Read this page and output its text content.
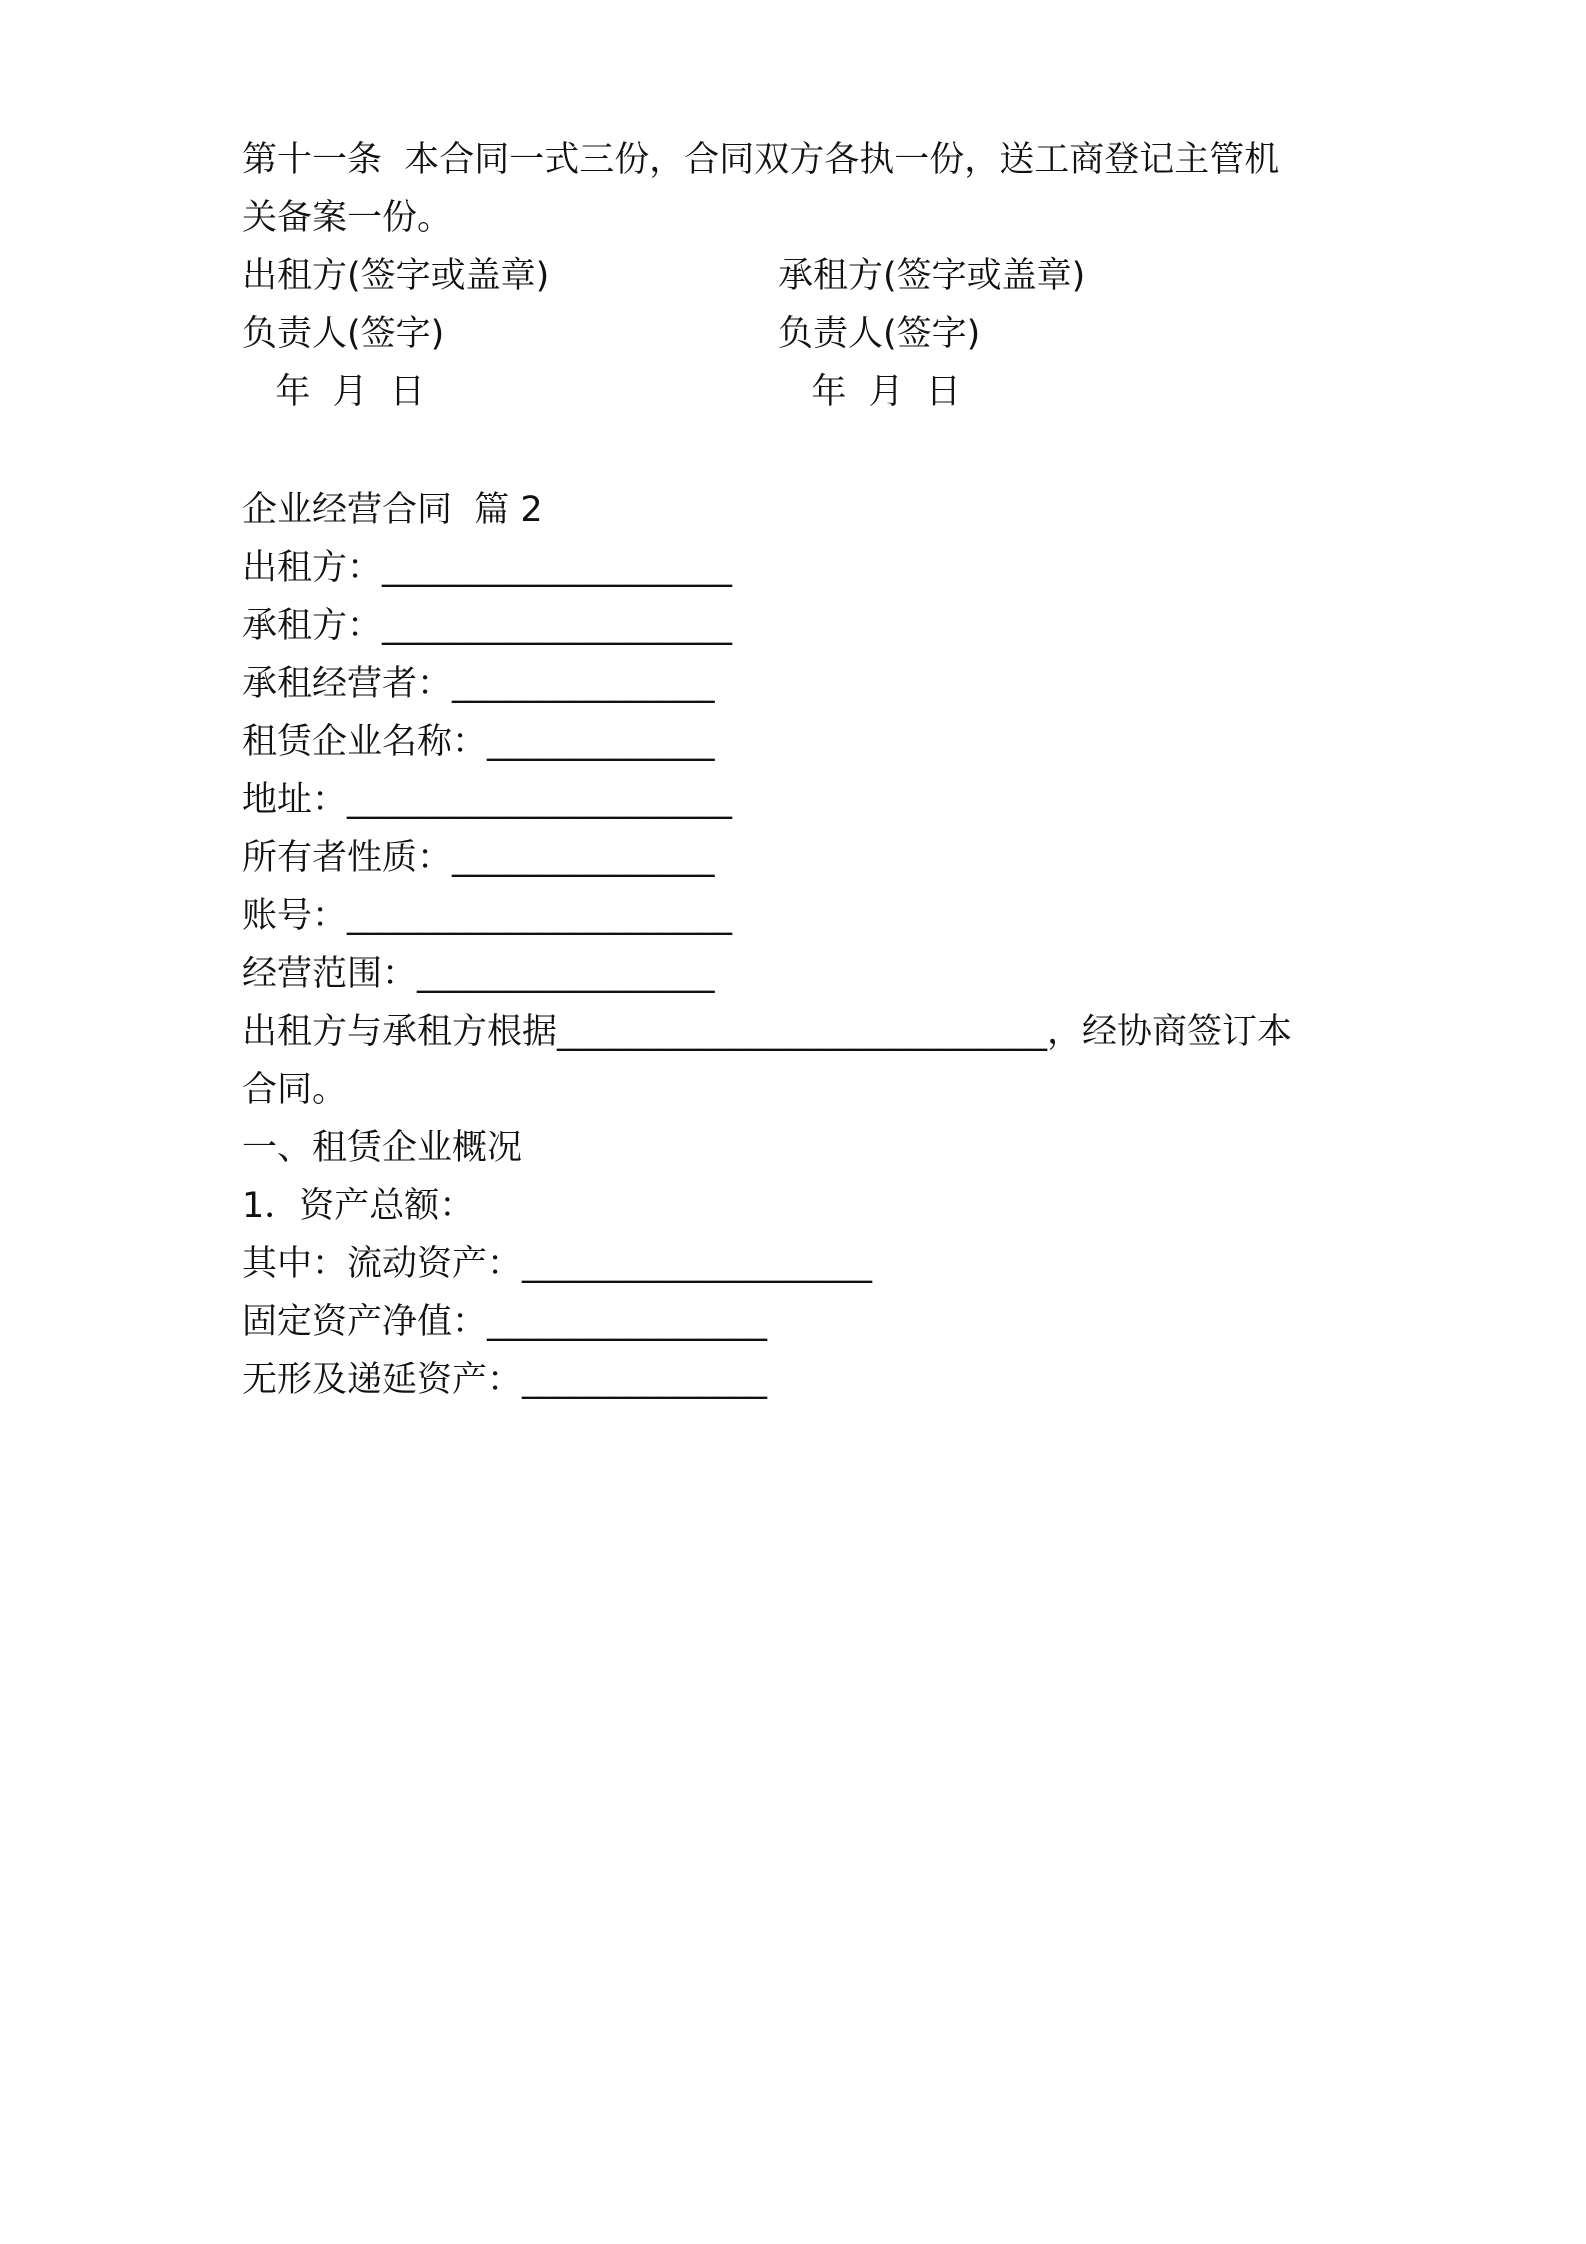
第十一条  本合同一式三份，合同双方各执一份，送工商登记主管机
关备案一份。
出租方(签字或盖章)	承租方(签字或盖章)
负责人(签字)	负责人(签字)
年  月  日	年  月  日
企业经营合同  篇 2
出租方：____________________
承租方：____________________
承租经营者：_______________
租赁企业名称：_____________
地址：______________________
所有者性质：_______________
账号：______________________
经营范围：_________________
出租方与承租方根据____________________________，经协商签订本
合同。
一、租赁企业概况
1．资产总额：
其中：流动资产：____________________
固定资产净值：________________
无形及递延资产：______________
